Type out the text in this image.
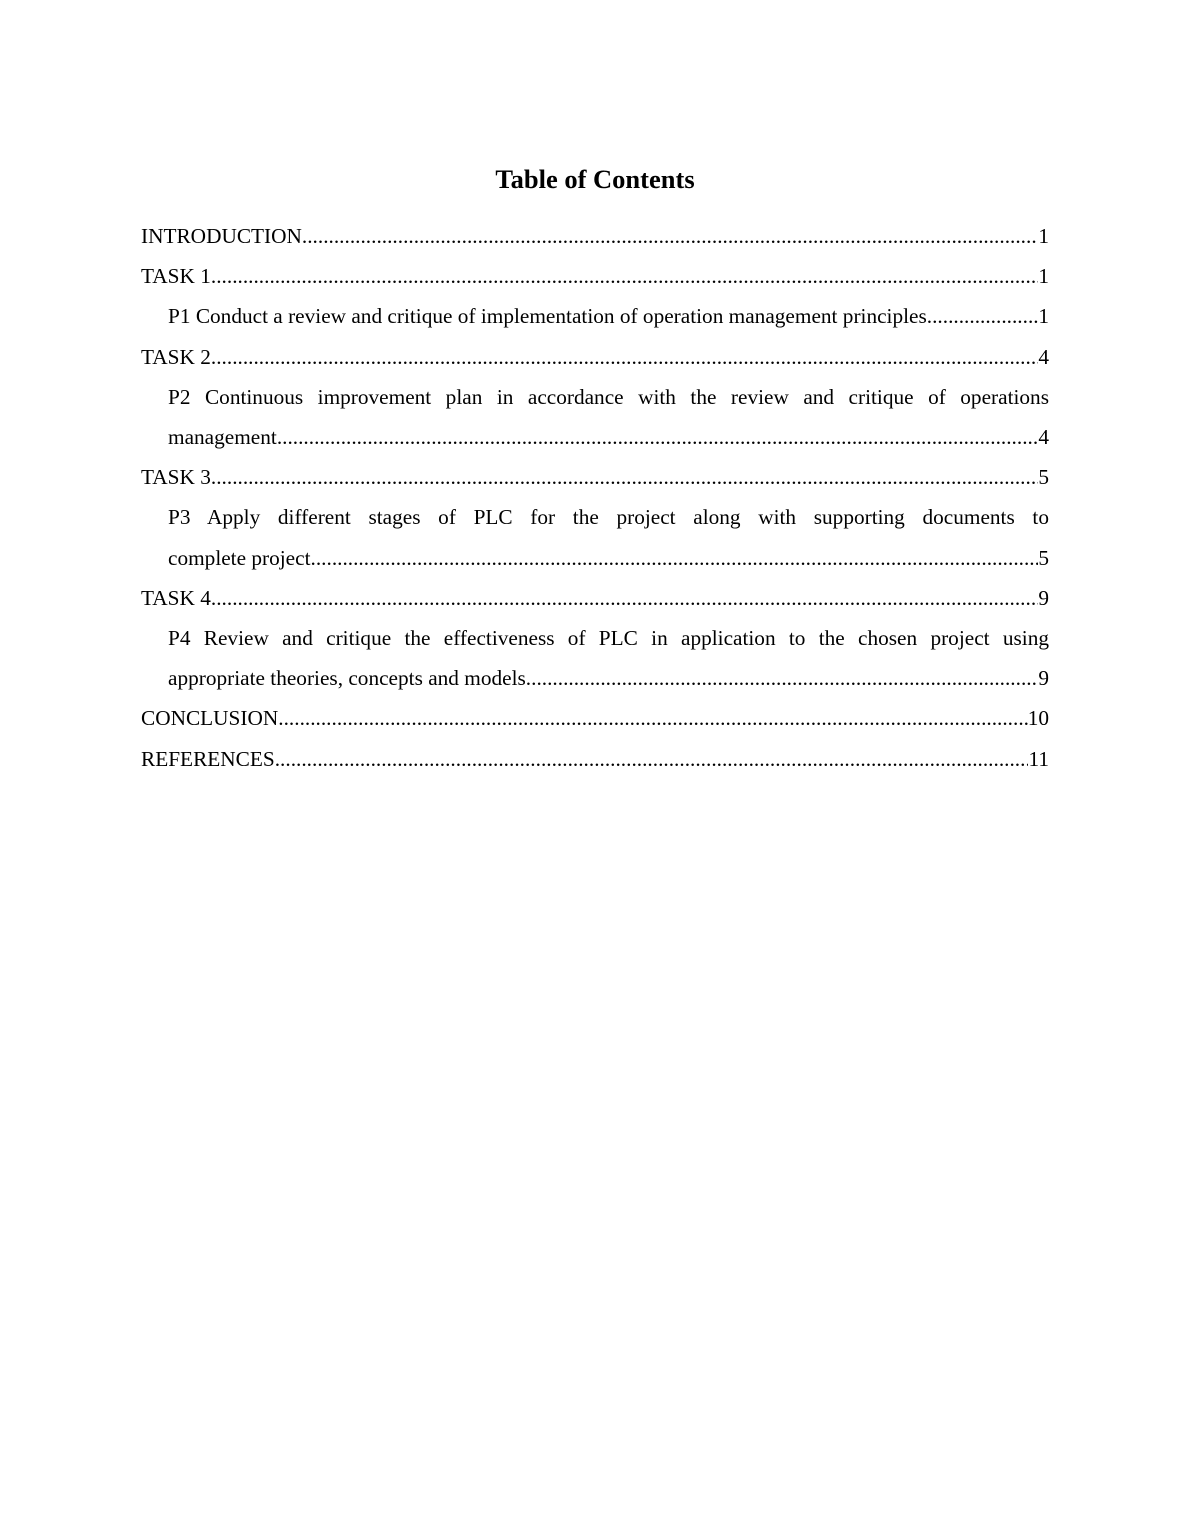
Table of Contents
INTRODUCTION .....	1
TASK 1 .....	1
P1 Conduct a review and critique of implementation of operation management principles. .....	1
TASK 2 .....	4
P2 Continuous improvement plan in accordance with the review and critique of operations
management .....	4
TASK 3 .....	5
P3 Apply different stages of PLC for the project along with supporting documents to
complete project .....	5
TASK 4 .....	9
P4 Review and critique the effectiveness of PLC in application to the chosen project using
appropriate theories, concepts and models .....	9
CONCLUSION .....	10
REFERENCES .....	11
